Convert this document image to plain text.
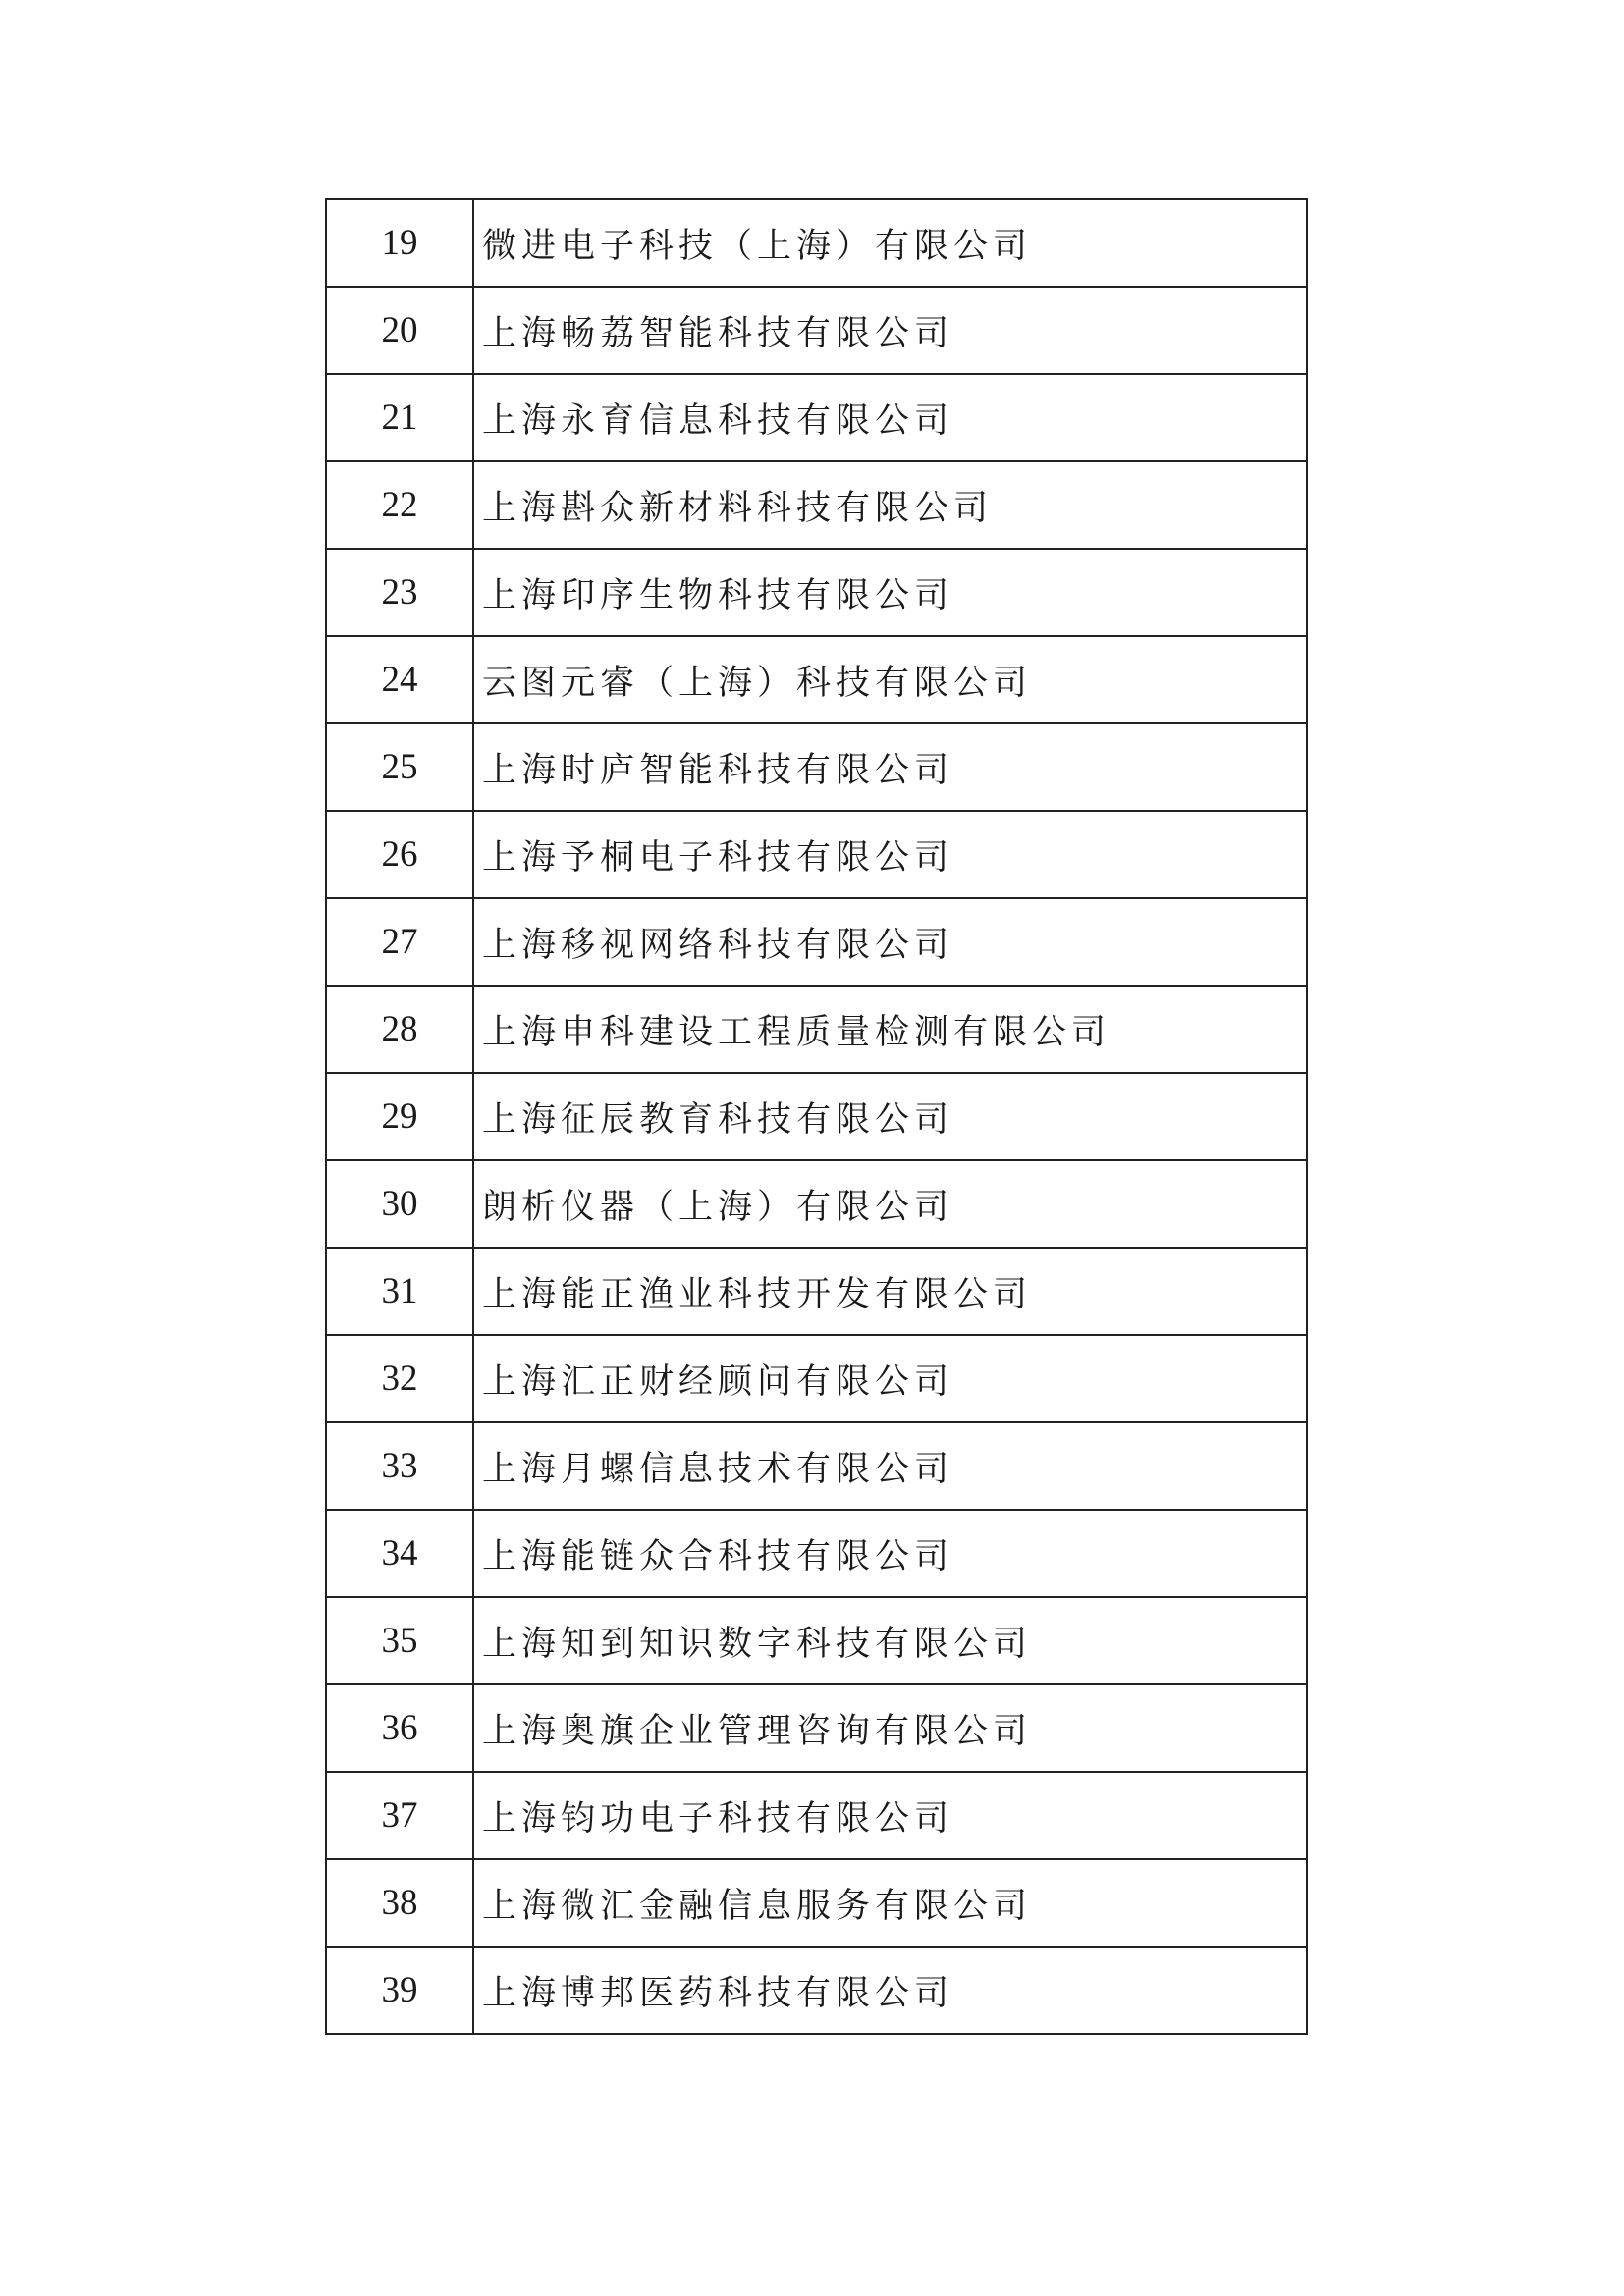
19	微进电子科技（上海）有限公司
20	上海畅荔智能科技有限公司
21	上海永育信息科技有限公司
22	上海斟众新材料科技有限公司
23	上海印序生物科技有限公司
24	云图元睿（上海）科技有限公司
25	上海时庐智能科技有限公司
26	上海予桐电子科技有限公司
27	上海移视网络科技有限公司
28	上海申科建设工程质量检测有限公司
29	上海征辰教育科技有限公司
30	朗析仪器（上海）有限公司
31	上海能正渔业科技开发有限公司
32	上海汇正财经顾问有限公司
33	上海月螺信息技术有限公司
34	上海能链众合科技有限公司
35	上海知到知识数字科技有限公司
36	上海奥旗企业管理咨询有限公司
37	上海钧功电子科技有限公司
38	上海微汇金融信息服务有限公司
39	上海博邦医药科技有限公司
